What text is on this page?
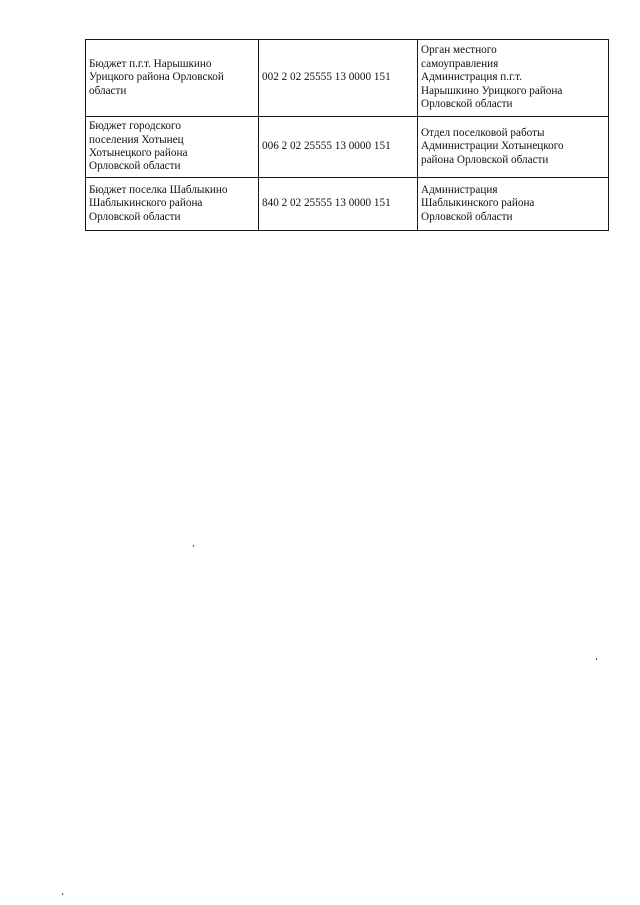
Бюджет п.г.т. Нарышкино
Урицкого района Орловской
области	002 2 02 25555 13 0000 151	Орган местного
самоуправления
Администрация п.г.т.
Нарышкино Урицкого района
Орловской области
Бюджет городского
поселения Хотынец
Хотынецкого района
Орловской области	006 2 02 25555 13 0000 151	Отдел поселковой работы
Администрации Хотынецкого
района Орловской области
Бюджет поселка Шаблыкино
Шаблыкинского района
Орловской области	840 2 02 25555 13 0000 151	Администрация
Шаблыкинского района
Орловской области
